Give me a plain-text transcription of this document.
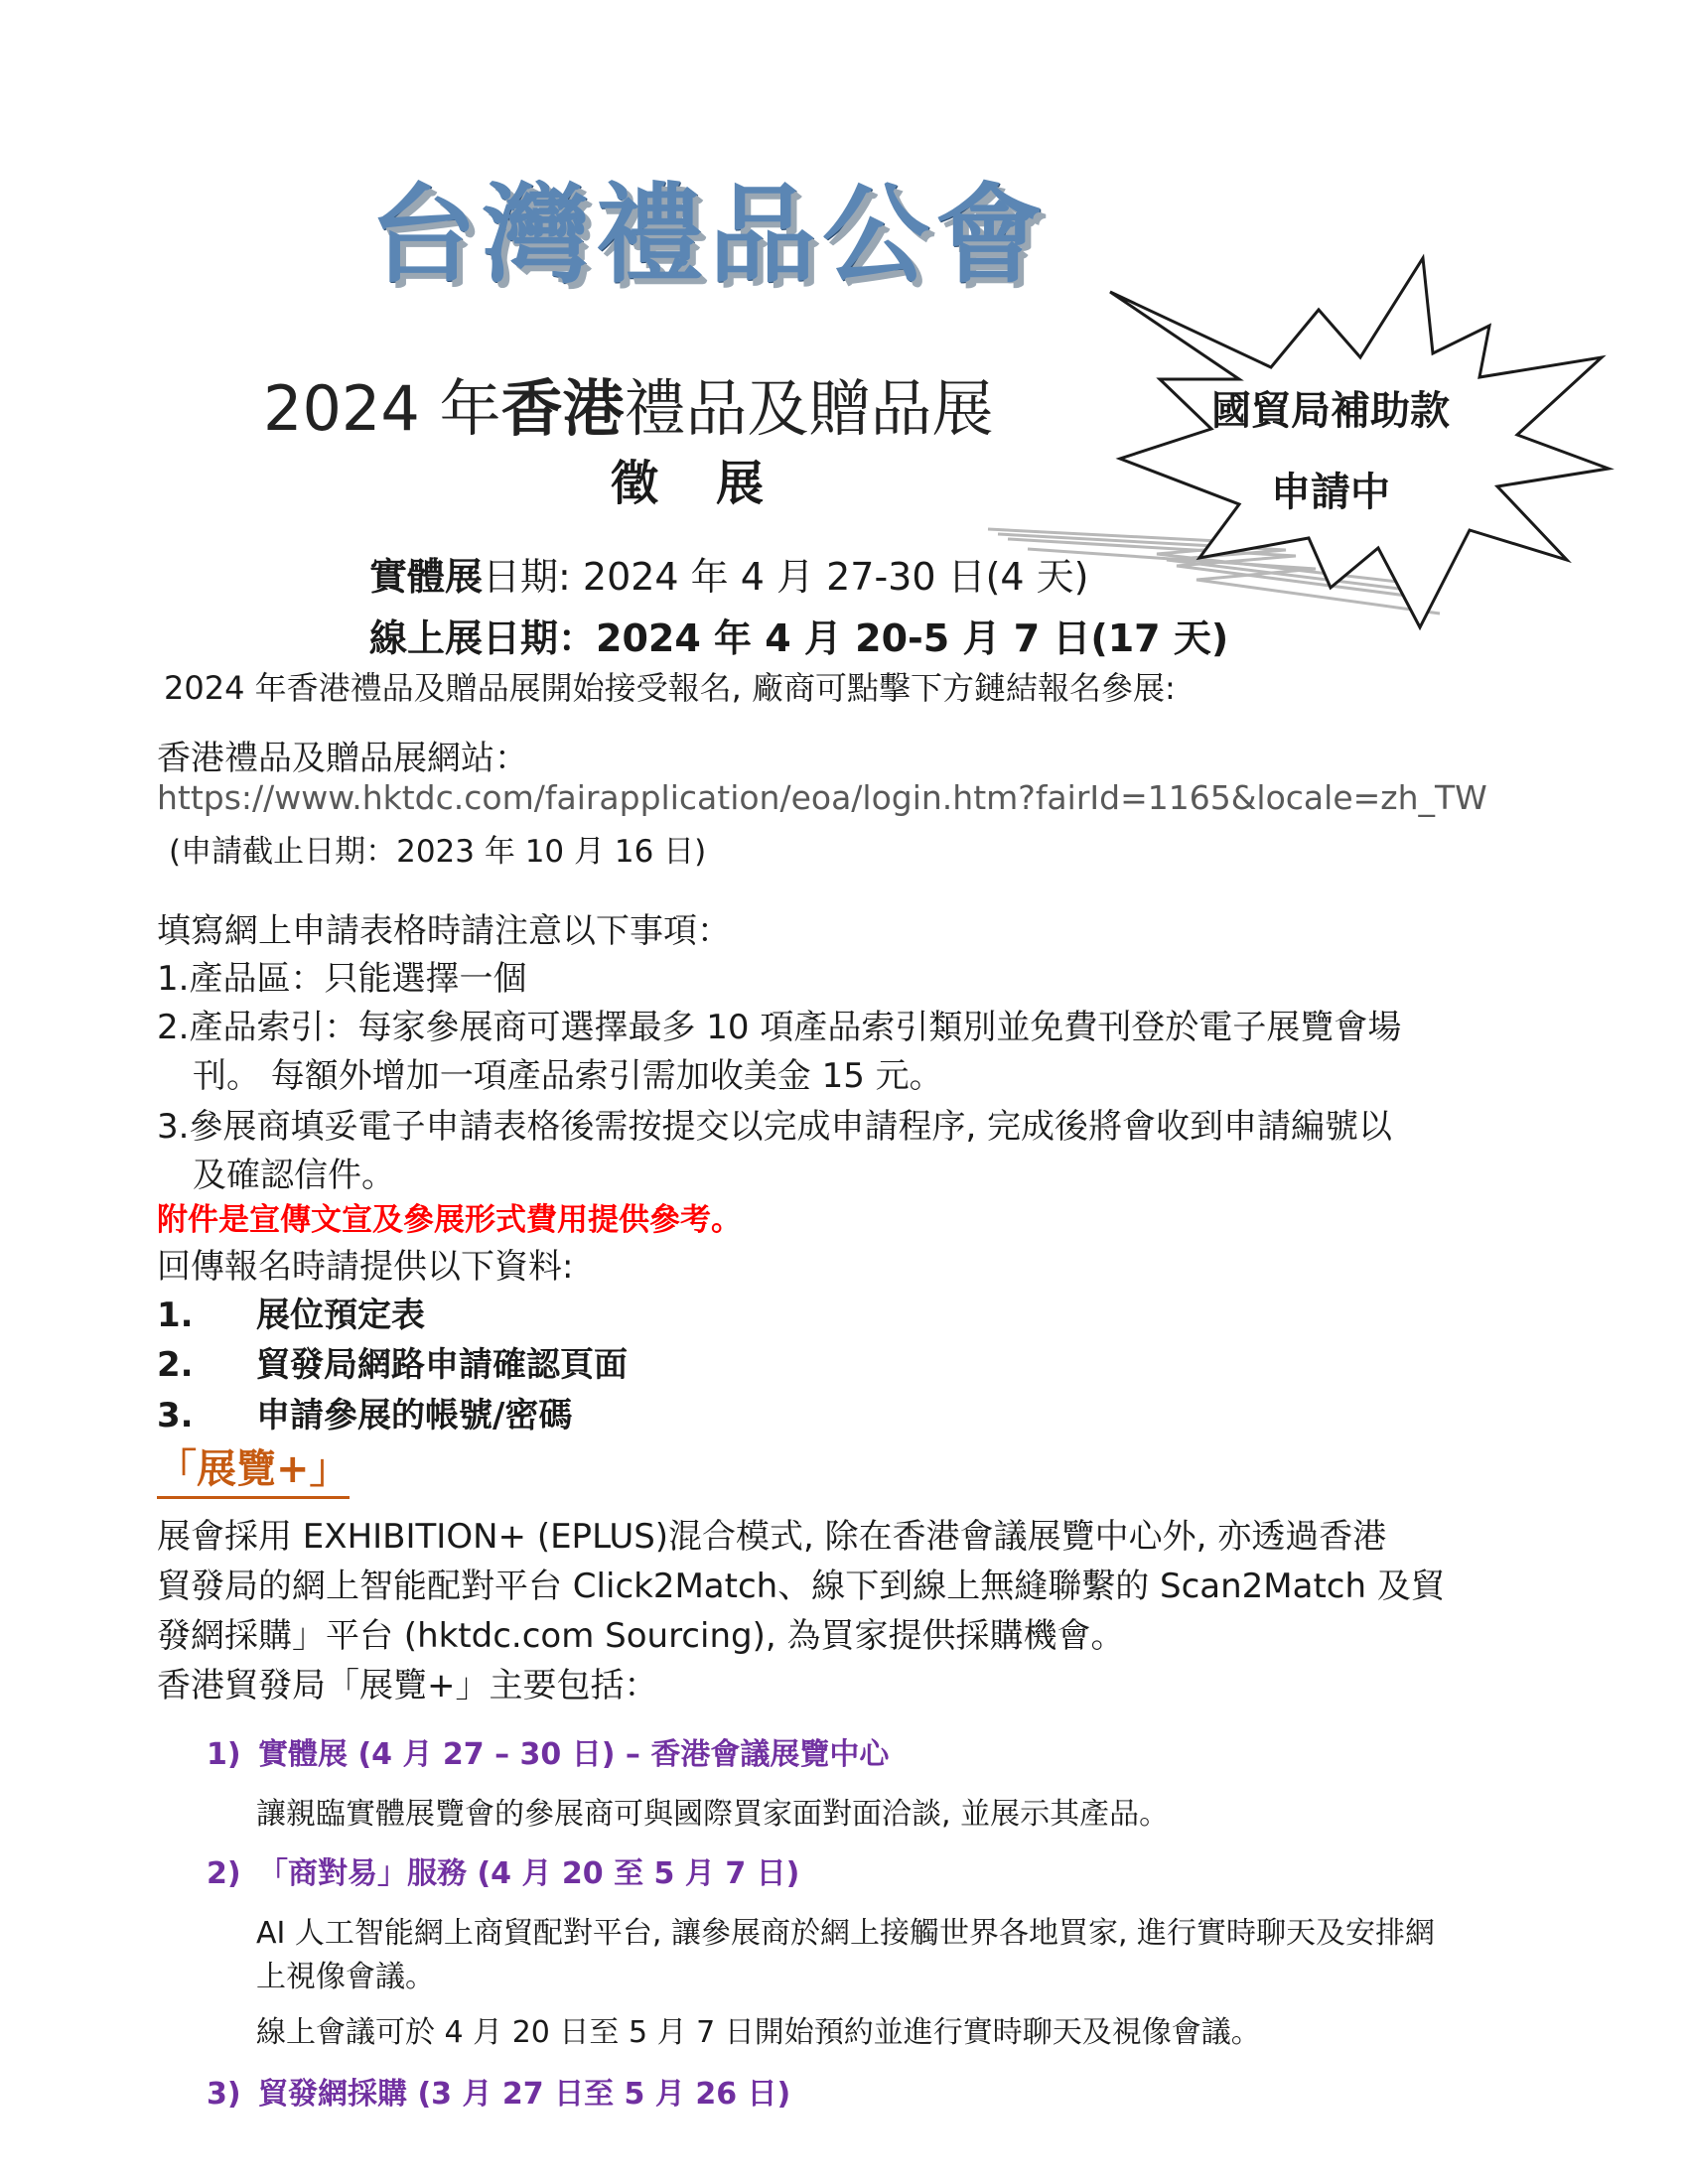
台灣禮品公會
2024 年香港禮品及贈品展
徵展
國貿局補助款
申請中
實體展日期: 2024 年 4 月 27-30 日(4 天)
線上展日期：2024 年 4 月 20-5 月 7 日(17 天)
2024 年香港禮品及贈品展開始接受報名, 廠商可點擊下方鏈結報名參展:
香港禮品及贈品展網站：
https://www.hktdc.com/fairapplication/eoa/login.htm?fairId=1165&locale=zh_TW
(申請截止日期：2023 年 10 月 16 日)
填寫網上申請表格時請注意以下事項：
1.產品區：只能選擇一個
2.產品索引：每家參展商可選擇最多 10 項產品索引類別並免費刊登於電子展覽會場
刊。 每額外增加一項產品索引需加收美金 15 元。
3.參展商填妥電子申請表格後需按提交以完成申請程序, 完成後將會收到申請編號以
及確認信件。
附件是宣傳文宣及參展形式費用提供參考。
回傳報名時請提供以下資料:
1. 展位預定表
2. 貿發局網路申請確認頁面
3. 申請參展的帳號/密碼
「展覽+」
展會採用 EXHIBITION+ (EPLUS)混合模式, 除在香港會議展覽中心外, 亦透過香港
貿發局的網上智能配對平台 Click2Match、線下到線上無縫聯繫的 Scan2Match 及貿
發網採購」平台 (hktdc.com Sourcing), 為買家提供採購機會。
香港貿發局「展覽+」主要包括：
1) 實體展 (4 月 27 – 30 日) – 香港會議展覽中心
讓親臨實體展覽會的參展商可與國際買家面對面洽談, 並展示其產品。
2) 「商對易」服務 (4 月 20 至 5 月 7 日)
AI 人工智能網上商貿配對平台, 讓參展商於網上接觸世界各地買家, 進行實時聊天及安排網
上視像會議。
線上會議可於 4 月 20 日至 5 月 7 日開始預約並進行實時聊天及視像會議。
3) 貿發網採購 (3 月 27 日至 5 月 26 日)
